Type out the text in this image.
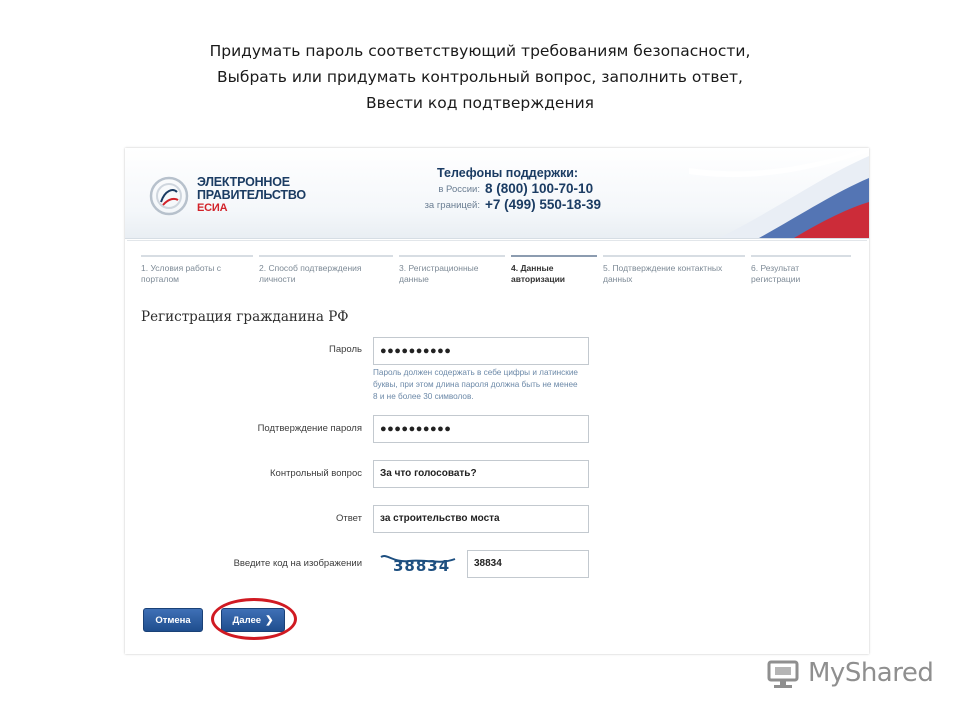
Придумать пароль соответствующий требованиям безопасности,
Выбрать или придумать контрольный вопрос, заполнить ответ,
Ввести код подтверждения
ЭЛЕКТРОННОЕ
ПРАВИТЕЛЬСТВО
ЕСИА
Телефоны поддержки:
в России: 8 (800) 100-70-10
за границей: +7 (499) 550-18-39
1. Условия работы с
порталом
2. Способ подтверждения
личности
3. Регистрационные
данные
4. Данные
авторизации
5. Подтверждение контактных
данных
6. Результат
регистрации
Регистрация гражданина РФ
Пароль	●●●●●●●●●●
Пароль должен содержать в себе цифры и латинские буквы, при этом длина пароля должна быть не менее 8 и не более 30 символов.
Подтверждение пароля	●●●●●●●●●●
Контрольный вопрос	За что голосовать?
Ответ	за строительство моста
Введите код на изображении 38834	38834
Отмена	Далее ❯
MyShared
